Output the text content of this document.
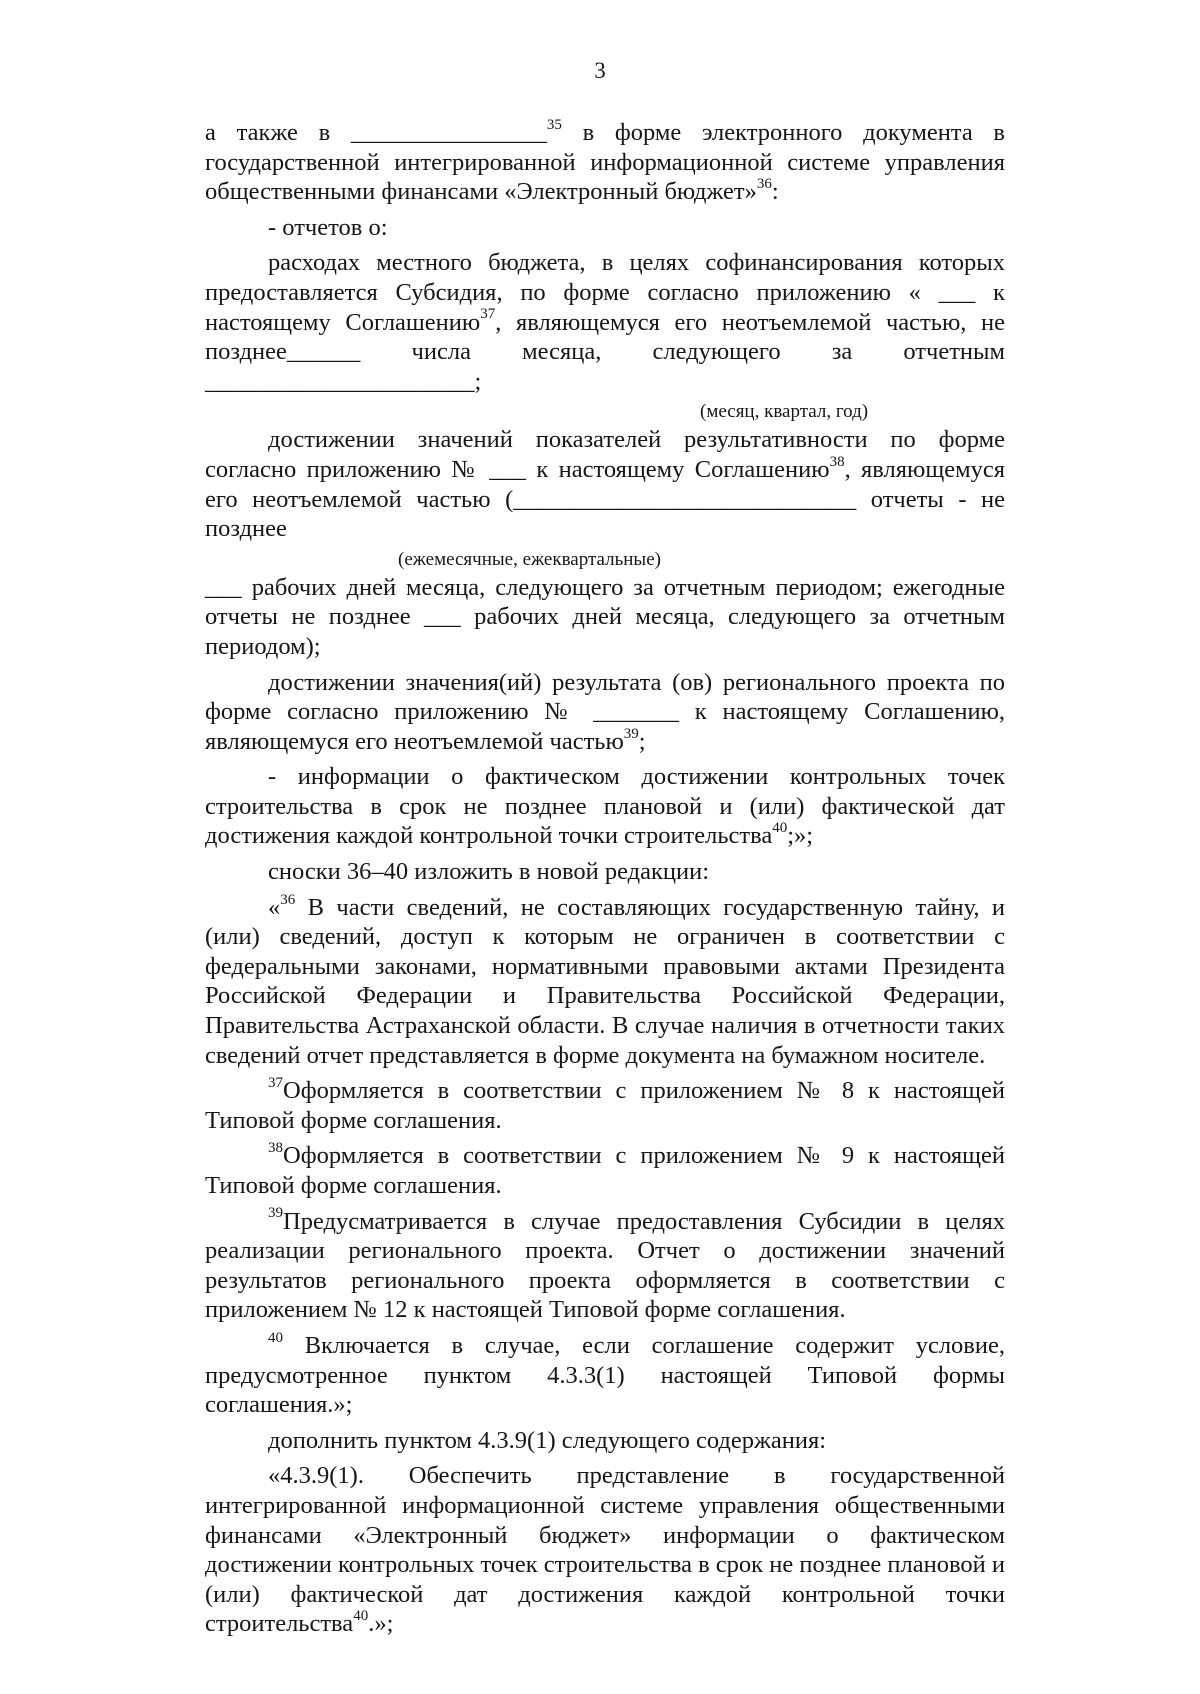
3

а также в ________________$^{35}$ в форме электронного документа в государственной интегрированной информационной системе управления общественными финансами «Электронный бюджет»$^{36}$:

- отчетов о:

расходах местного бюджета, в целях софинансирования которых предоставляется Субсидия, по форме согласно приложению « ___ к настоящему Соглашению$^{37}$, являющемуся его неотъемлемой частью, не позднее______ числа месяца, следующего за отчетным ______________________;

(месяц, квартал, год)

достижении значений показателей результативности по форме согласно приложению № ___ к настоящему Соглашению$^{38}$, являющемуся его неотъемлемой частью (____________________________ отчеты - не позднее

(ежемесячные, ежеквартальные)

___ рабочих дней месяца, следующего за отчетным периодом; ежегодные отчеты не позднее ___ рабочих дней месяца, следующего за отчетным периодом);

достижении значения(ий) результата (ов) регионального проекта по форме согласно приложению № _______ к настоящему Соглашению, являющемуся его неотъемлемой частью$^{39}$;

- информации о фактическом достижении контрольных точек строительства в срок не позднее плановой и (или) фактической дат достижения каждой контрольной точки строительства$^{40}$;»;

сноски 36–40 изложить в новой редакции:

«$^{36}$ В части сведений, не составляющих государственную тайну, и (или) сведений, доступ к которым не ограничен в соответствии с федеральными законами, нормативными правовыми актами Президента Российской Федерации и Правительства Российской Федерации, Правительства Астраханской области. В случае наличия в отчетности таких сведений отчет представляется в форме документа на бумажном носителе.

$^{37}$Оформляется в соответствии с приложением № 8 к настоящей Типовой форме соглашения.

$^{38}$Оформляется в соответствии с приложением № 9 к настоящей Типовой форме соглашения.

$^{39}$Предусматривается в случае предоставления Субсидии в целях реализации регионального проекта. Отчет о достижении значений результатов регионального проекта оформляется в соответствии с приложением № 12 к настоящей Типовой форме соглашения.

$^{40}$ Включается в случае, если соглашение содержит условие, предусмотренное пунктом 4.3.3(1) настоящей Типовой формы соглашения.»;

дополнить пунктом 4.3.9(1) следующего содержания:

«4.3.9(1). Обеспечить представление в государственной интегрированной информационной системе управления общественными финансами «Электронный бюджет» информации о фактическом достижении контрольных точек строительства в срок не позднее плановой и (или) фактической дат достижения каждой контрольной точки строительства$^{40}$.»;
